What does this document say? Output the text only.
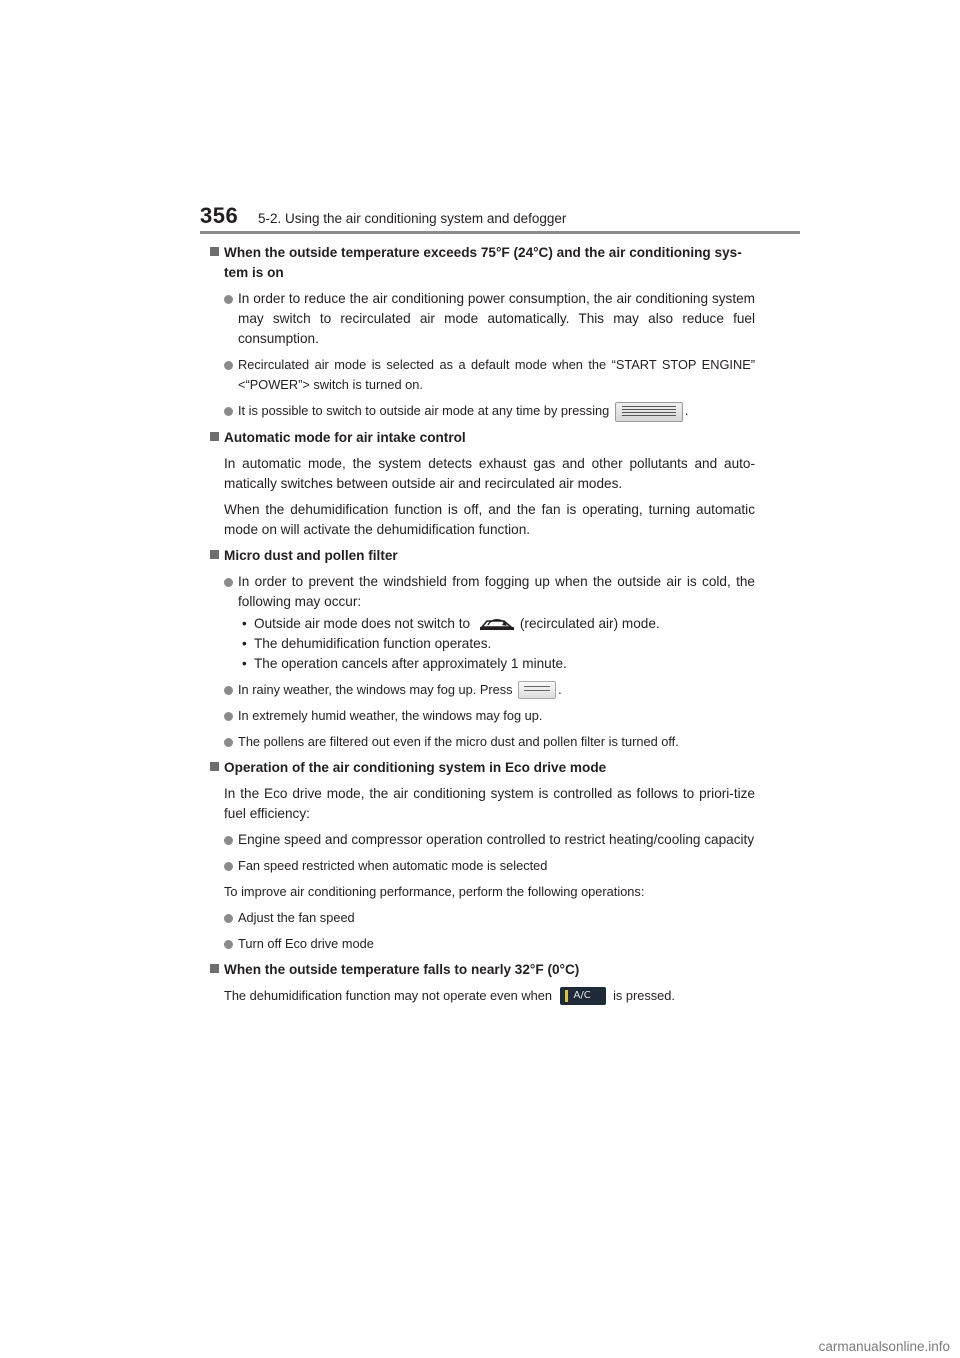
356 5-2. Using the air conditioning system and defogger
When the outside temperature exceeds 75°F (24°C) and the air conditioning sys-tem is on
In order to reduce the air conditioning power consumption, the air conditioning system may switch to recirculated air mode automatically. This may also reduce fuel consumption.
Recirculated air mode is selected as a default mode when the “START STOP ENGINE” <“POWER”> switch is turned on.
It is possible to switch to outside air mode at any time by pressing	.
Automatic mode for air intake control
In automatic mode, the system detects exhaust gas and other pollutants and auto-matically switches between outside air and recirculated air modes.
When the dehumidification function is off, and the fan is operating, turning automatic mode on will activate the dehumidification function.
Micro dust and pollen filter
In order to prevent the windshield from fogging up when the outside air is cold, the following may occur:
• Outside air mode does not switch to	(recirculated air) mode.
• The dehumidification function operates.
• The operation cancels after approximately 1 minute.
In rainy weather, the windows may fog up. Press	.
In extremely humid weather, the windows may fog up.
The pollens are filtered out even if the micro dust and pollen filter is turned off.
Operation of the air conditioning system in Eco drive mode
In the Eco drive mode, the air conditioning system is controlled as follows to priori-tize fuel efficiency:
Engine speed and compressor operation controlled to restrict heating/cooling capacity
Fan speed restricted when automatic mode is selected
To improve air conditioning performance, perform the following operations:
Adjust the fan speed
Turn off Eco drive mode
When the outside temperature falls to nearly 32°F (0°C)
The dehumidification function may not operate even when A/C is pressed.
carmanualsonline.info
